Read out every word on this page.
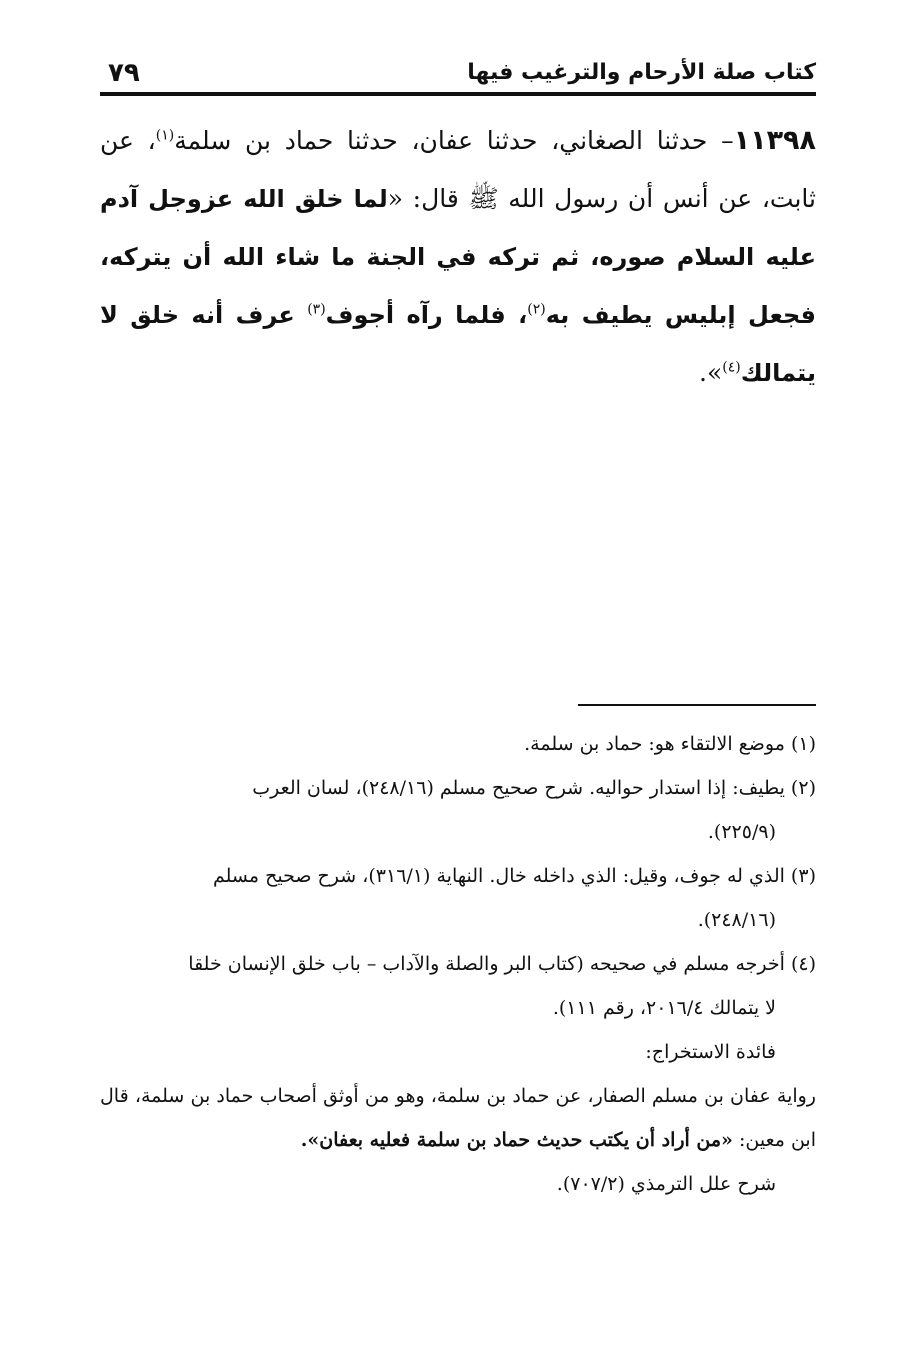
كتاب صلة الأرحام والترغيب فيها
٧٩
١١٣٩٨– حدثنا الصغاني، حدثنا عفان، حدثنا حماد بن سلمة$^{(١)}$، عن ثابت، عن أنس أن رسول الله ﷺ قال: «لما خلق الله عزوجل آدم عليه السلام صوره، ثم تركه في الجنة ما شاء الله أن يتركه، فجعل إبليس يطيف به$^{(٢)}$، فلما رآه أجوف$^{(٣)}$ عرف أنه خلق لا يتمالك$^{(٤)}$».

(١) موضع الالتقاء هو: حماد بن سلمة.

(٢) يطيف: إذا استدار حواليه. شرح صحيح مسلم (٢٤٨/١٦)، لسان العرب

(٢٢٥/٩).

(٣) الذي له جوف، وقيل: الذي داخله خال. النهاية (٣١٦/١)، شرح صحيح مسلم

(٢٤٨/١٦).

(٤) أخرجه مسلم في صحيحه (كتاب البر والصلة والآداب – باب خلق الإنسان خلقا

لا يتمالك ٢٠١٦/٤، رقم ١١١).

فائدة الاستخراج:

رواية عفان بن مسلم الصفار، عن حماد بن سلمة، وهو من أوثق أصحاب حماد بن سلمة، قال ابن معين: «من أراد أن يكتب حديث حماد بن سلمة فعليه بعفان».

شرح علل الترمذي (٧٠٧/٢).
